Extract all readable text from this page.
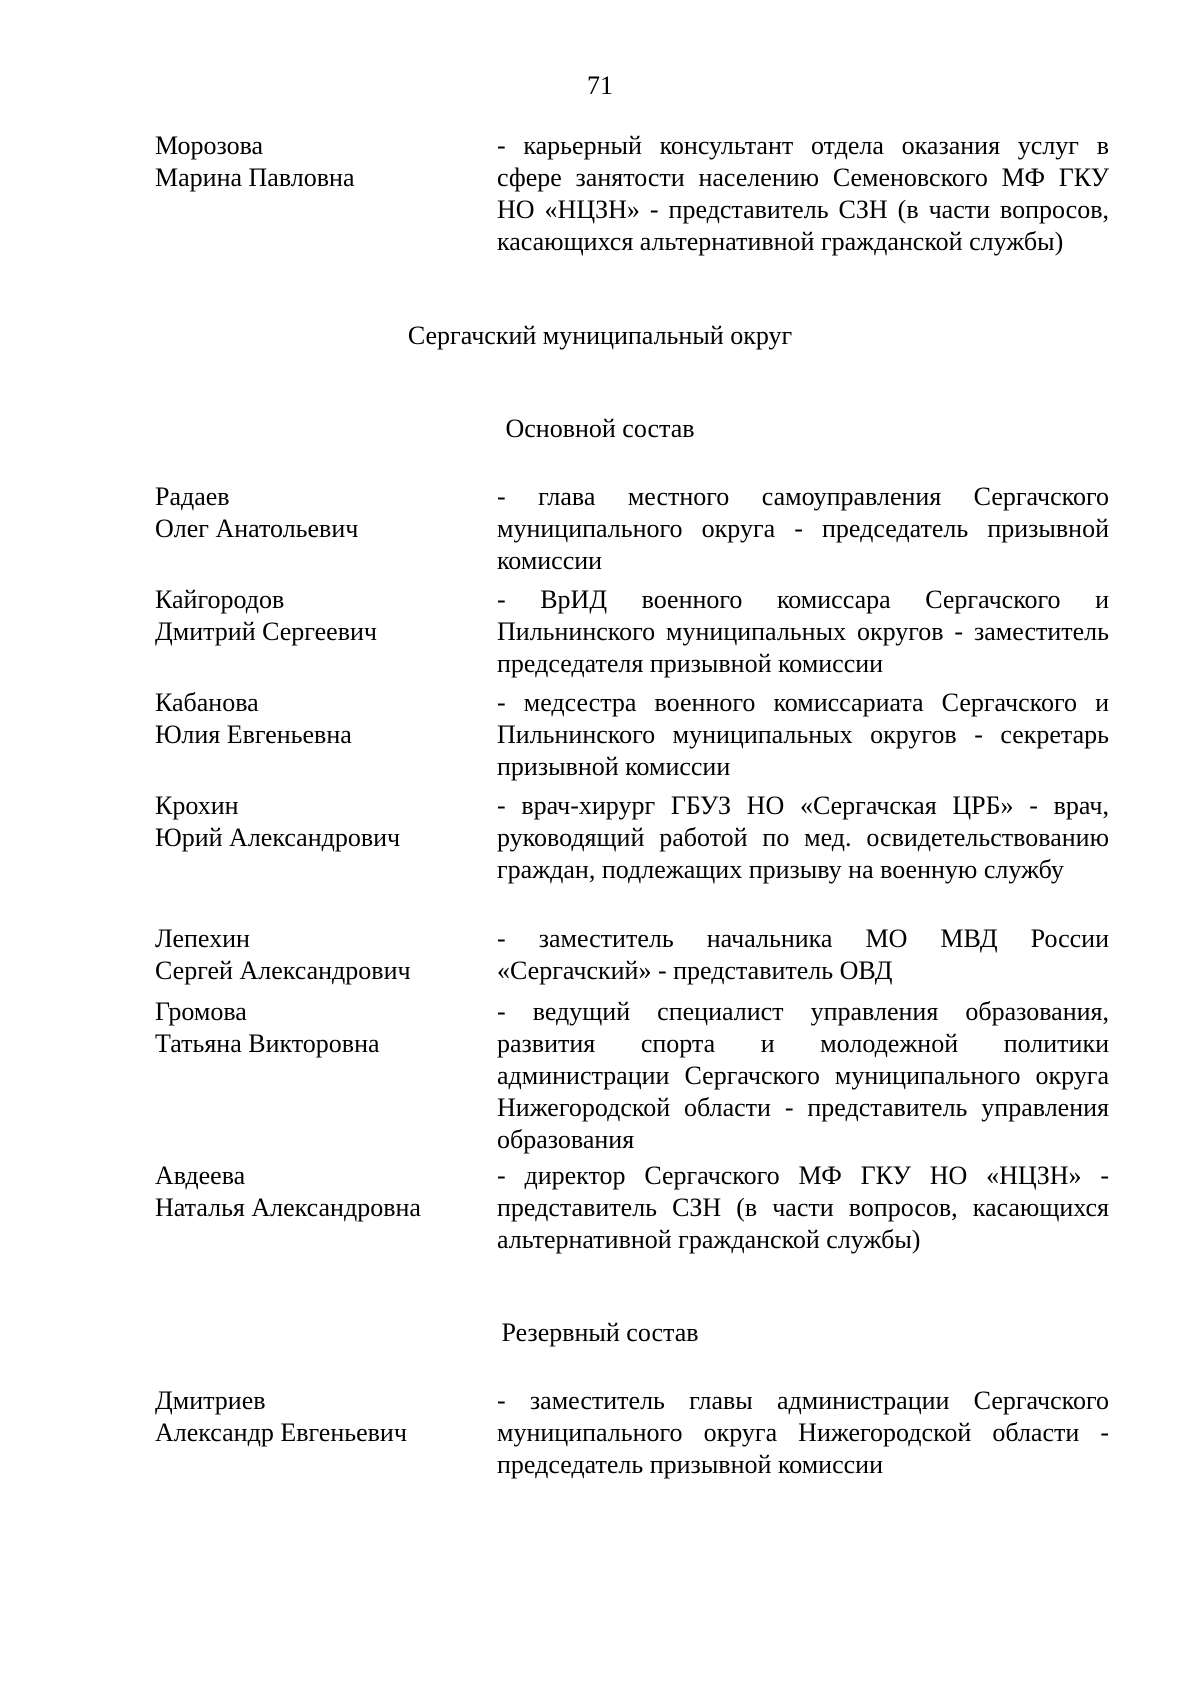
71
Морозова
Марина Павловна
- карьерный консультант отдела оказания услуг в сфере занятости населению Семеновского МФ ГКУ НО «НЦЗН» - представитель СЗН (в части вопросов, касающихся альтернативной гражданской службы)
Сергачский муниципальный округ
Основной состав
Радаев
Олег Анатольевич
- глава местного самоуправления Сергачского муниципального округа - председатель призывной комиссии
Кайгородов
Дмитрий Сергеевич
- ВрИД военного комиссара Сергачского и Пильнинского муниципальных округов - заместитель председателя призывной комиссии
Кабанова
Юлия Евгеньевна
- медсестра военного комиссариата Сергачского и Пильнинского муниципальных округов - секретарь призывной комиссии
Крохин
Юрий Александрович
- врач-хирург ГБУЗ НО «Сергачская ЦРБ» - врач, руководящий работой по мед. освидетельствованию граждан, подлежащих призыву на военную службу
Лепехин
Сергей Александрович
- заместитель начальника МО МВД России «Сергачский» - представитель ОВД
Громова
Татьяна Викторовна
- ведущий специалист управления образования, развития спорта и молодежной политики администрации Сергачского муниципального округа Нижегородской области - представитель управления образования
Авдеева
Наталья Александровна
- директор Сергачского МФ ГКУ НО «НЦЗН» - представитель СЗН (в части вопросов, касающихся альтернативной гражданской службы)
Резервный состав
Дмитриев
Александр Евгеньевич
- заместитель главы администрации Сергачского муниципального округа Нижегородской области - председатель призывной комиссии
